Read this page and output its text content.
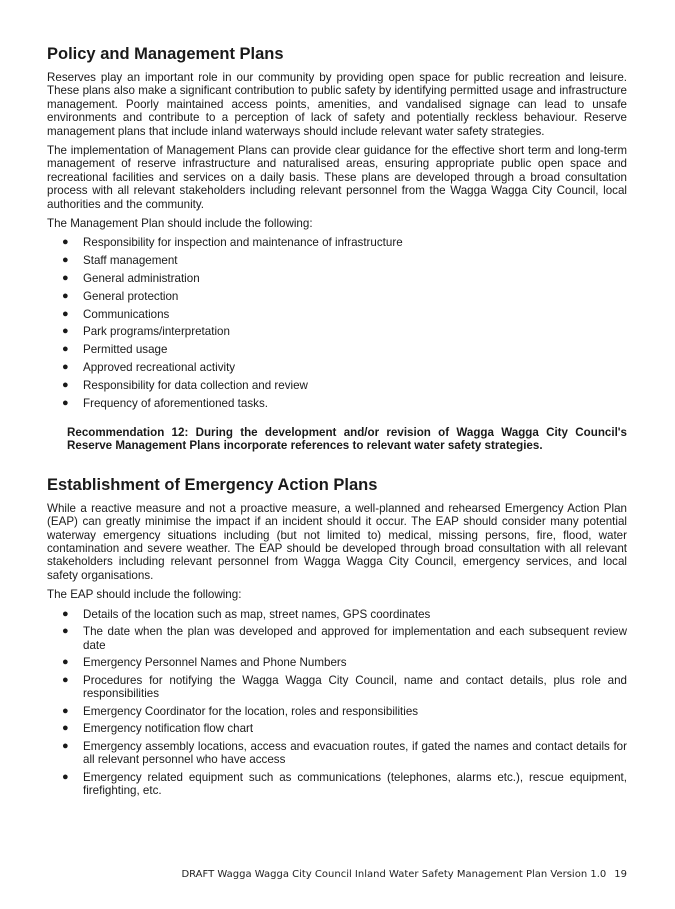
Policy and Management Plans

Reserves play an important role in our community by providing open space for public recreation and leisure. These plans also make a significant contribution to public safety by identifying permitted usage and infrastructure management. Poorly maintained access points, amenities, and vandalised signage can lead to unsafe environments and contribute to a perception of lack of safety and potentially reckless behaviour. Reserve management plans that include inland waterways should include relevant water safety strategies.

The implementation of Management Plans can provide clear guidance for the effective short term and long-term management of reserve infrastructure and naturalised areas, ensuring appropriate public open space and recreational facilities and services on a daily basis. These plans are developed through a broad consultation process with all relevant stakeholders including relevant personnel from the Wagga Wagga City Council, local authorities and the community.

The Management Plan should include the following:

● Responsibility for inspection and maintenance of infrastructure
● Staff management
● General administration
● General protection
● Communications
● Park programs/interpretation
● Permitted usage
● Approved recreational activity
● Responsibility for data collection and review
● Frequency of aforementioned tasks.

Recommendation 12: During the development and/or revision of Wagga Wagga City Council's Reserve Management Plans incorporate references to relevant water safety strategies.

Establishment of Emergency Action Plans

While a reactive measure and not a proactive measure, a well-planned and rehearsed Emergency Action Plan (EAP) can greatly minimise the impact if an incident should it occur. The EAP should consider many potential waterway emergency situations including (but not limited to) medical, missing persons, fire, flood, water contamination and severe weather. The EAP should be developed through broad consultation with all relevant stakeholders including relevant personnel from Wagga Wagga City Council, emergency services, and local safety organisations.

The EAP should include the following:

● Details of the location such as map, street names, GPS coordinates
● The date when the plan was developed and approved for implementation and each subsequent review date
● Emergency Personnel Names and Phone Numbers
● Procedures for notifying the Wagga Wagga City Council, name and contact details, plus role and responsibilities
● Emergency Coordinator for the location, roles and responsibilities
● Emergency notification flow chart
● Emergency assembly locations, access and evacuation routes, if gated the names and contact details for all relevant personnel who have access
● Emergency related equipment such as communications (telephones, alarms etc.), rescue equipment, firefighting, etc.
DRAFT Wagga Wagga City Council Inland Water Safety Management Plan Version 1.0 19
